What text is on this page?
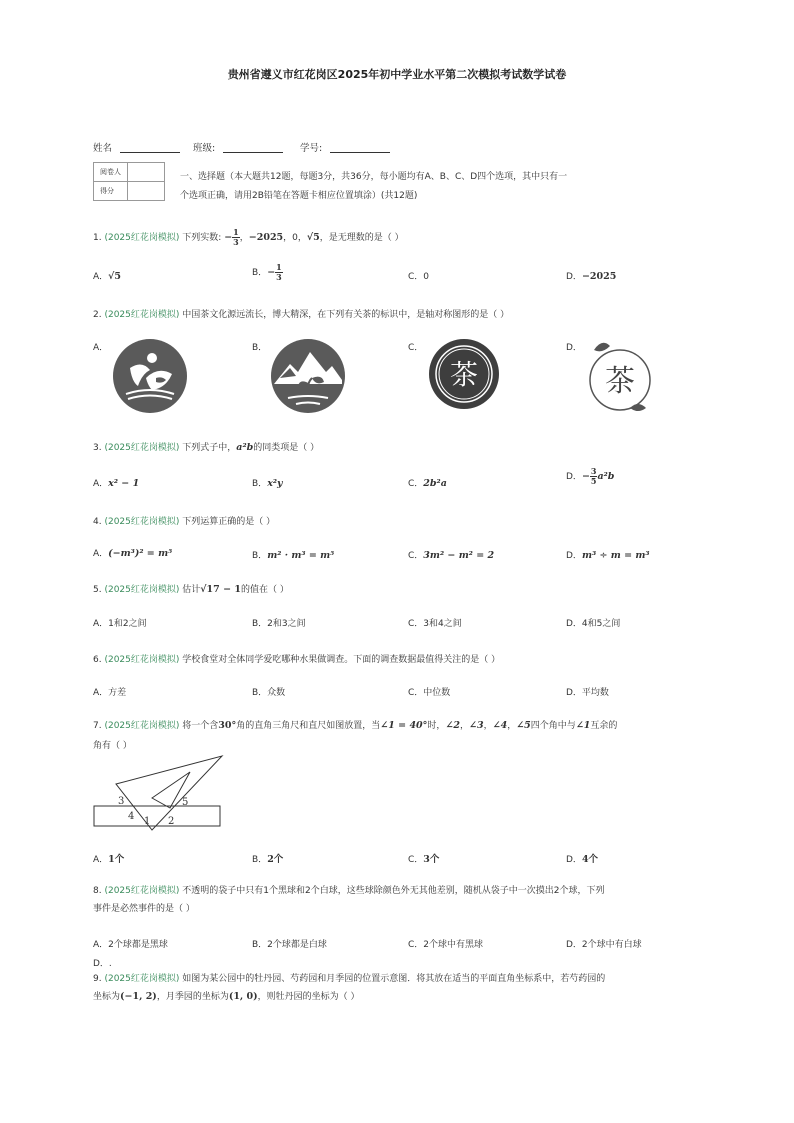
贵州省遵义市红花岗区2025年初中学业水平第二次模拟考试数学试卷
姓名	班级:	学号:
阅卷人	
得分	
一、选择题（本大题共12题，每题3分，共36分，每小题均有A、B、C、D四个选项，其中只有一
个选项正确，请用2B铅笔在答题卡相应位置填涂）(共12题)
1. (2025红花岗模拟) 下列实数: − $\frac{1}{3}$ ，−2025，0，√5，是无理数的是（ ）
A．√5	B．− $\frac{1}{3}$	C．0	D．−2025
2. (2025红花岗模拟) 中国茶文化源远流长，博大精深，在下列有关茶的标识中，是轴对称图形的是（ ）
A．	B．	C．	D．
茶	茶
3. (2025红花岗模拟) 下列式子中，a²b的同类项是（ ）
A．x² − 1	B．x²y	C．2b²a
D．− $\frac{3}{5} a^2b$
4. (2025红花岗模拟) 下列运算正确的是（ ）
A．(−m³)² = m⁵	B．m² · m³ = m⁵	C．3m² − m² = 2	D．m³ ÷ m = m³
5. (2025红花岗模拟) 估计√17 − 1的值在（ ）
A．1和2之间	B．2和3之间	C．3和4之间	D．4和5之间
6. (2025红花岗模拟) 学校食堂对全体同学爱吃哪种水果做调查。下面的调查数据最值得关注的是（ ）
A．方差	B．众数	C．中位数	D．平均数
7. (2025红花岗模拟) 将一个含30°角的直角三角尺和直尺如图放置，当∠1 = 40°时，∠2，∠3，∠4，∠5四个角中与∠1互余的
角有（ ）
3	5
4 1 2
A．1个	B．2个	C．3个	D．4个
8. (2025红花岗模拟) 不透明的袋子中只有1个黑球和2个白球，这些球除颜色外无其他差别，随机从袋子中一次摸出2个球，下列
事件是必然事件的是（ ）
A．2个球都是黑球	B．2个球都是白球	C．2个球中有黑球	D．2个球中有白球
D．.
9. (2025红花岗模拟) 如图为某公园中的牡丹园、芍药园和月季园的位置示意图．将其放在适当的平面直角坐标系中，若芍药园的
坐标为(−1, 2)，月季园的坐标为(1, 0)，则牡丹园的坐标为（ ）
